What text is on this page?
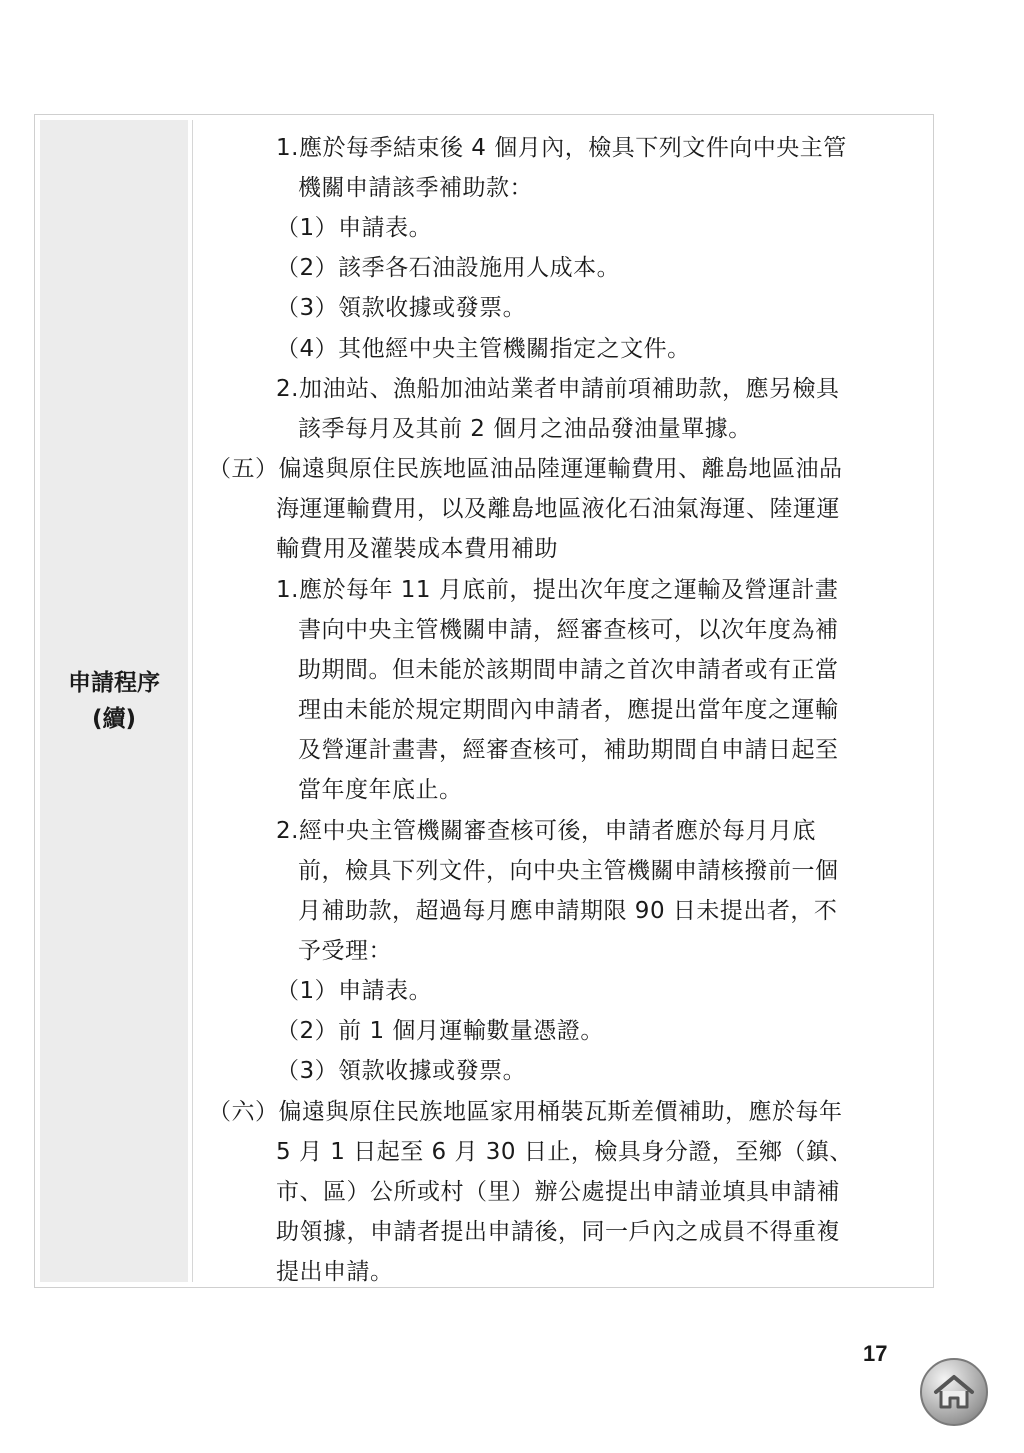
申請程序
(續)
1.應於每季結束後 4 個月內，檢具下列文件向中央主管
機關申請該季補助款：
（1）申請表。
（2）該季各石油設施用人成本。
（3）領款收據或發票。
（4）其他經中央主管機關指定之文件。
2.加油站、漁船加油站業者申請前項補助款，應另檢具
該季每月及其前 2 個月之油品發油量單據。
（五）偏遠與原住民族地區油品陸運運輸費用、離島地區油品
海運運輸費用，以及離島地區液化石油氣海運、陸運運
輸費用及灌裝成本費用補助
1.應於每年 11 月底前，提出次年度之運輸及營運計畫
書向中央主管機關申請，經審查核可，以次年度為補
助期間。但未能於該期間申請之首次申請者或有正當
理由未能於規定期間內申請者，應提出當年度之運輸
及營運計畫書，經審查核可，補助期間自申請日起至
當年度年底止。
2.經中央主管機關審查核可後，申請者應於每月月底
前，檢具下列文件，向中央主管機關申請核撥前一個
月補助款，超過每月應申請期限 90 日未提出者，不
予受理：
（1）申請表。
（2）前 1 個月運輸數量憑證。
（3）領款收據或發票。
（六）偏遠與原住民族地區家用桶裝瓦斯差價補助，應於每年
5 月 1 日起至 6 月 30 日止，檢具身分證，至鄉（鎮、
市、區）公所或村（里）辦公處提出申請並填具申請補
助領據，申請者提出申請後，同一戶內之成員不得重複
提出申請。
17
